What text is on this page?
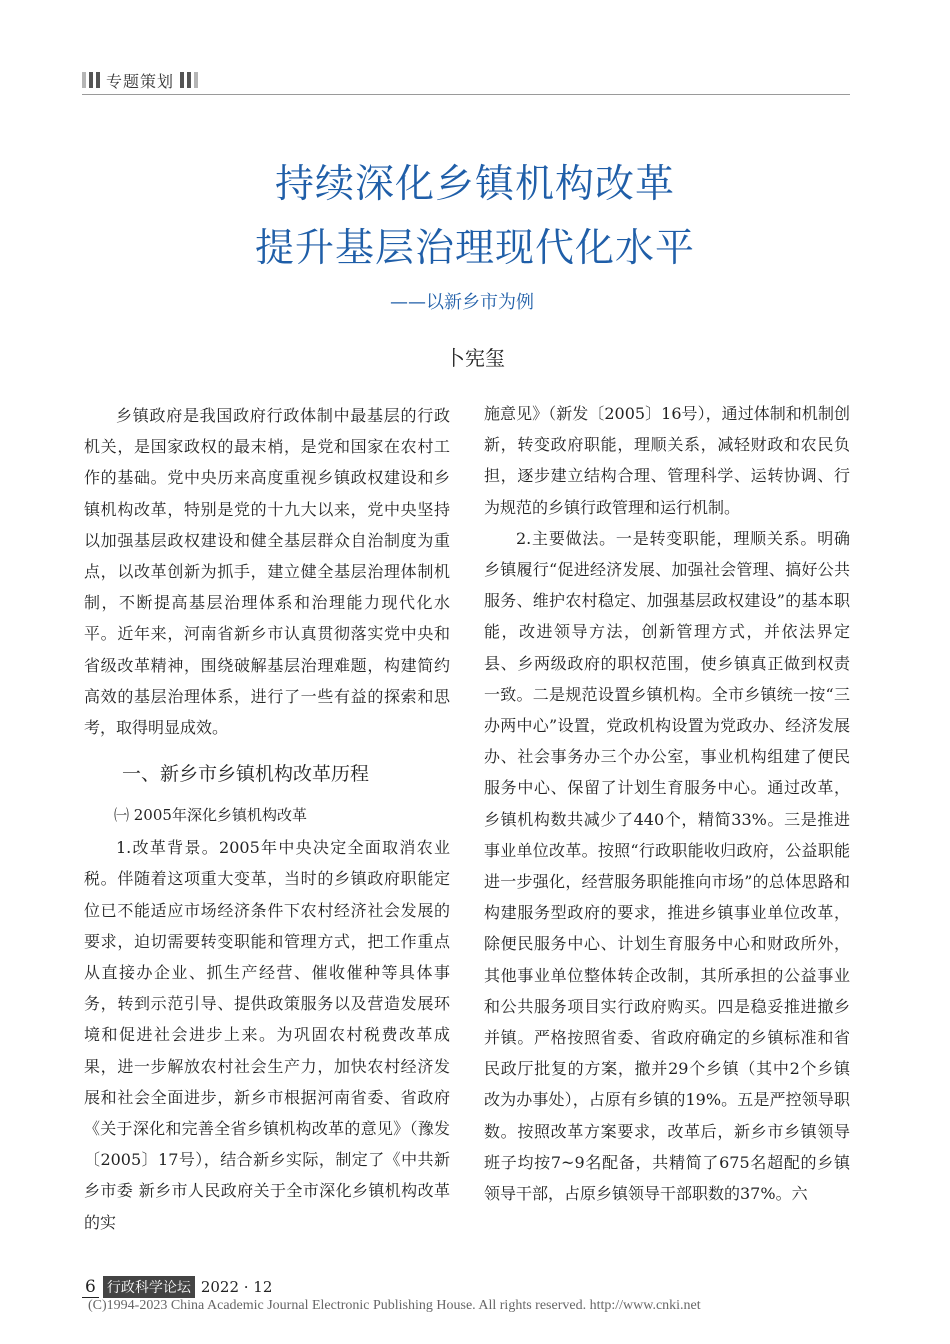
专题策划
持续深化乡镇机构改革
提升基层治理现代化水平
——以新乡市为例
卜宪玺

乡镇政府是我国政府行政体制中最基层的行政机关，是国家政权的最末梢，是党和国家在农村工作的基础。党中央历来高度重视乡镇政权建设和乡镇机构改革，特别是党的十九大以来，党中央坚持以加强基层政权建设和健全基层群众自治制度为重点，以改革创新为抓手，建立健全基层治理体制机制，不断提高基层治理体系和治理能力现代化水平。近年来，河南省新乡市认真贯彻落实党中央和省级改革精神，围绕破解基层治理难题，构建简约高效的基层治理体系，进行了一些有益的探索和思考，取得明显成效。

一、新乡市乡镇机构改革历程
㈠ 2005年深化乡镇机构改革

1.改革背景。2005年中央决定全面取消农业税。伴随着这项重大变革，当时的乡镇政府职能定位已不能适应市场经济条件下农村经济社会发展的要求，迫切需要转变职能和管理方式，把工作重点从直接办企业、抓生产经营、催收催种等具体事务，转到示范引导、提供政策服务以及营造发展环境和促进社会进步上来。为巩固农村税费改革成果，进一步解放农村社会生产力，加快农村经济发展和社会全面进步，新乡市根据河南省委、省政府《关于深化和完善全省乡镇机构改革的意见》（豫发〔2005〕17号），结合新乡实际，制定了《中共新乡市委 新乡市人民政府关于全市深化乡镇机构改革的实

施意见》（新发〔2005〕16号），通过体制和机制创新，转变政府职能，理顺关系，减轻财政和农民负担，逐步建立结构合理、管理科学、运转协调、行为规范的乡镇行政管理和运行机制。

2.主要做法。一是转变职能，理顺关系。明确乡镇履行“促进经济发展、加强社会管理、搞好公共服务、维护农村稳定、加强基层政权建设”的基本职能，改进领导方法，创新管理方式，并依法界定县、乡两级政府的职权范围，使乡镇真正做到权责一致。二是规范设置乡镇机构。全市乡镇统一按“三办两中心”设置，党政机构设置为党政办、经济发展办、社会事务办三个办公室，事业机构组建了便民服务中心、保留了计划生育服务中心。通过改革，乡镇机构数共减少了440个，精简33%。三是推进事业单位改革。按照“行政职能收归政府，公益职能进一步强化，经营服务职能推向市场”的总体思路和构建服务型政府的要求，推进乡镇事业单位改革，除便民服务中心、计划生育服务中心和财政所外，其他事业单位整体转企改制，其所承担的公益事业和公共服务项目实行政府购买。四是稳妥推进撤乡并镇。严格按照省委、省政府确定的乡镇标准和省民政厅批复的方案，撤并29个乡镇（其中2个乡镇改为办事处），占原有乡镇的19%。五是严控领导职数。按照改革方案要求，改革后，新乡市乡镇领导班子均按7~9名配备，共精简了675名超配的乡镇领导干部，占原乡镇领导干部职数的37%。六

6 行政科学论坛 2022 · 12
(C)1994-2023 China Academic Journal Electronic Publishing House. All rights reserved. http://www.cnki.net
